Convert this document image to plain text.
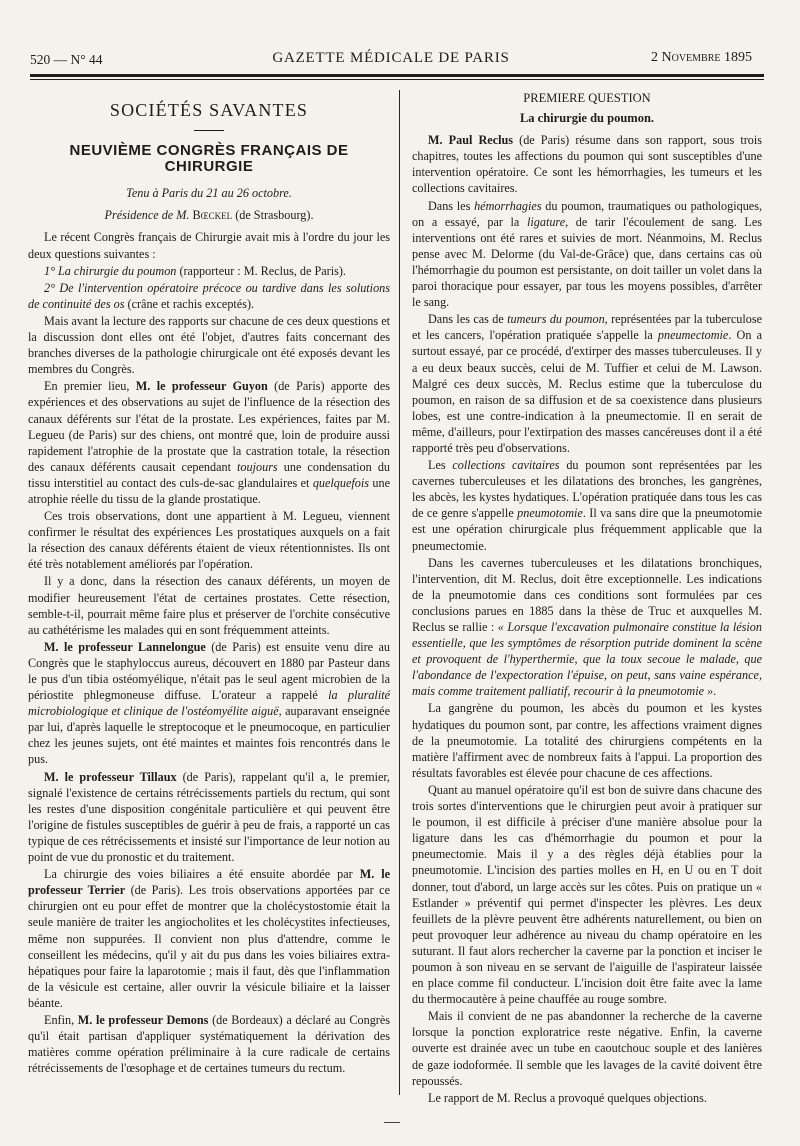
520 — N° 44	GAZETTE MÉDICALE DE PARIS	2 Novembre 1895
SOCIÉTÉS SAVANTES
NEUVIÈME CONGRÈS FRANÇAIS DE CHIRURGIE

Tenu à Paris du 21 au 26 octobre.

Présidence de M. Bœckel (de Strasbourg).

Le récent Congrès français de Chirurgie avait mis à l'ordre du jour les deux questions suivantes :

1° La chirurgie du poumon (rapporteur : M. Reclus, de Paris).

2° De l'intervention opératoire précoce ou tardive dans les solutions de continuité des os (crâne et rachis exceptés).

Mais avant la lecture des rapports sur chacune de ces deux questions et la discussion dont elles ont été l'objet, d'autres faits concernant des branches diverses de la pathologie chirurgicale ont été exposés devant les membres du Congrès.

En premier lieu, M. le professeur Guyon (de Paris) apporte des expériences et des observations au sujet de l'influence de la résection des canaux déférents sur l'état de la prostate. Les expériences, faites par M. Legueu (de Paris) sur des chiens, ont montré que, loin de produire aussi rapidement l'atrophie de la prostate que la castration totale, la résection des canaux déférents causait cependant toujours une condensation du tissu interstitiel au contact des culs-de-sac glandulaires et quelquefois une atrophie réelle du tissu de la glande prostatique.

Ces trois observations, dont une appartient à M. Legueu, viennent confirmer le résultat des expériences Les prostatiques auxquels on a fait la résection des canaux déférents étaient de vieux rétentionnistes. Ils ont été très notablement améliorés par l'opération.

Il y a donc, dans la résection des canaux déférents, un moyen de modifier heureusement l'état de certaines prostates. Cette résection, semble-t-il, pourrait même faire plus et préserver de l'orchite consécutive au cathétérisme les malades qui en sont fréquemment atteints.

M. le professeur Lannelongue (de Paris) est ensuite venu dire au Congrès que le staphyloccus aureus, découvert en 1880 par Pasteur dans le pus d'un tibia ostéomyélique, n'était pas le seul agent microbien de la périostite phlegmoneuse diffuse. L'orateur a rappelé la pluralité microbiologique et clinique de l'ostéomyélite aiguë, auparavant enseignée par lui, d'après laquelle le streptocoque et le pneumocoque, en particulier chez les jeunes sujets, ont été maintes et maintes fois rencontrés dans le pus.

M. le professeur Tillaux (de Paris), rappelant qu'il a, le premier, signalé l'existence de certains rétrécissements partiels du rectum, qui sont les restes d'une disposition congénitale particulière et qui peuvent être l'origine de fistules susceptibles de guérir à peu de frais, a rapporté un cas typique de ces rétrécissements et insisté sur l'importance de leur notion au point de vue du pronostic et du traitement.

La chirurgie des voies biliaires a été ensuite abordée par M. le professeur Terrier (de Paris). Les trois observations apportées par ce chirurgien ont eu pour effet de montrer que la cholécystostomie était la seule manière de traiter les angiocholites et les cholécystites infectieuses, même non suppurées. Il convient non plus d'attendre, comme le conseillent les médecins, qu'il y ait du pus dans les voies biliaires extra-hépatiques pour faire la laparotomie ; mais il faut, dès que l'inflammation de la vésicule est certaine, aller ouvrir la vésicule biliaire et la laisser béante.

Enfin, M. le professeur Demons (de Bordeaux) a déclaré au Congrès qu'il était partisan d'appliquer systématiquement la dérivation des matières comme opération préliminaire à la cure radicale de certains rétrécissements de l'œsophage et de certaines tumeurs du rectum.

PREMIERE QUESTION
La chirurgie du poumon.

M. Paul Reclus (de Paris) résume dans son rapport, sous trois chapitres, toutes les affections du poumon qui sont susceptibles d'une intervention opératoire. Ce sont les hémorrhagies, les tumeurs et les collections cavitaires.

Dans les hémorrhagies du poumon, traumatiques ou pathologiques, on a essayé, par la ligature, de tarir l'écoulement de sang. Les interventions ont été rares et suivies de mort. Néanmoins, M. Reclus pense avec M. Delorme (du Val-de-Grâce) que, dans certains cas où l'hémorrhagie du poumon est persistante, on doit tailler un volet dans la paroi thoracique pour essayer, par tous les moyens possibles, d'arrêter le sang.

Dans les cas de tumeurs du poumon, représentées par la tuberculose et les cancers, l'opération pratiquée s'appelle la pneumectomie. On a surtout essayé, par ce procédé, d'extirper des masses tuberculeuses. Il y a eu deux beaux succès, celui de M. Tuffier et celui de M. Lawson. Malgré ces deux succès, M. Reclus estime que la tuberculose du poumon, en raison de sa diffusion et de sa coexistence dans plusieurs lobes, est une contre-indication à la pneumectomie. Il en serait de même, d'ailleurs, pour l'extirpation des masses cancéreuses dont il a été rapporté très peu d'observations.

Les collections cavitaires du poumon sont représentées par les cavernes tuberculeuses et les dilatations des bronches, les gangrènes, les abcès, les kystes hydatiques. L'opération pratiquée dans tous les cas de ce genre s'appelle pneumotomie. Il va sans dire que la pneumotomie est une opération chirurgicale plus fréquemment applicable que la pneumectomie.

Dans les cavernes tuberculeuses et les dilatations bronchiques, l'intervention, dit M. Reclus, doit être exceptionnelle. Les indications de la pneumotomie dans ces conditions sont formulées par ces conclusions parues en 1885 dans la thèse de Truc et auxquelles M. Reclus se rallie : « Lorsque l'excavation pulmonaire constitue la lésion essentielle, que les symptômes de résorption putride dominent la scène et provoquent de l'hyperthermie, que la toux secoue le malade, que l'abondance de l'expectoration l'épuise, on peut, sans vaine espérance, mais comme traitement palliatif, recourir à la pneumotomie ».

La gangrène du poumon, les abcès du poumon et les kystes hydatiques du poumon sont, par contre, les affections vraiment dignes de la pneumotomie. La totalité des chirurgiens compétents en la matière l'affirment avec de nombreux faits à l'appui. La proportion des résultats favorables est élevée pour chacune de ces affections.

Quant au manuel opératoire qu'il est bon de suivre dans chacune des trois sortes d'interventions que le chirurgien peut avoir à pratiquer sur le poumon, il est difficile à préciser d'une manière absolue pour la ligature dans les cas d'hémorrhagie du poumon et pour la pneumectomie. Mais il y a des règles déjà établies pour la pneumotomie. L'incision des parties molles en H, en U ou en T doit donner, tout d'abord, un large accès sur les côtes. Puis on pratique un « Estlander » préventif qui permet d'inspecter les plèvres. Les deux feuillets de la plèvre peuvent être adhérents naturellement, ou bien on peut provoquer leur adhérence au niveau du champ opératoire en les suturant. Il faut alors rechercher la caverne par la ponction et inciser le poumon à son niveau en se servant de l'aiguille de l'aspirateur laissée en place comme fil conducteur. L'incision doit être faite avec la lame du thermocautère à peine chauffée au rouge sombre.

Mais il convient de ne pas abandonner la recherche de la caverne lorsque la ponction exploratrice reste négative. Enfin, la caverne ouverte est drainée avec un tube en caoutchouc souple et des lanières de gaze iodoformée. Il semble que les lavages de la cavité doivent être repoussés.

Le rapport de M. Reclus a provoqué quelques objections.
